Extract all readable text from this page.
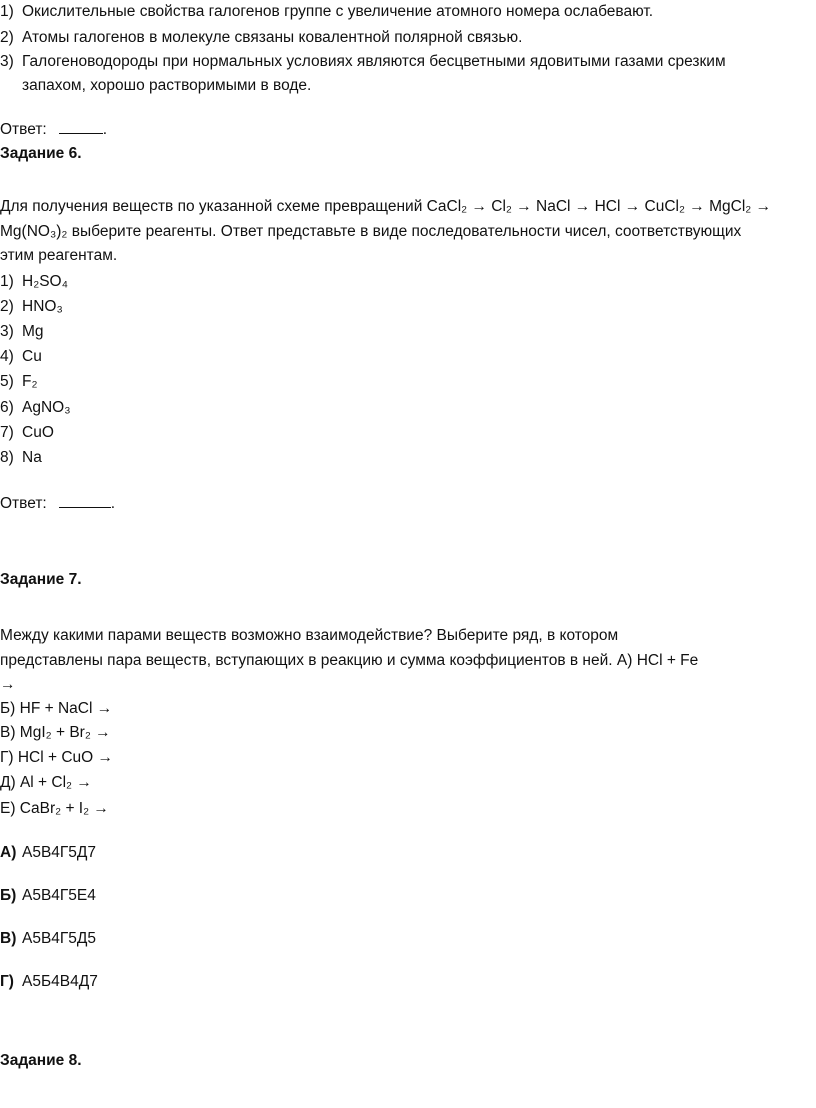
1) Окислительные свойства галогенов группе с увеличение атомного номера ослабевают.
2) Атомы галогенов в молекуле связаны ковалентной полярной связью.
3) Галогеноводороды при нормальных условиях являются бесцветными ядовитыми газами срезким
запахом, хорошо растворимыми в воде.
Ответ:	.
Задание 6.
Для получения веществ по указанной схеме превращений CaCl₂ → Cl₂ → NaCl → HCl → CuCl₂ → MgCl₂ →
Mg(NO₃)₂ выберите реагенты. Ответ представьте в виде последовательности чисел, соответствующих
этим реагентам.
1) H₂SO₄
2) HNO₃
3) Mg
4) Cu
5) F₂
6) AgNO₃
7) CuO
8) Na
Ответ:	.
Задание 7.
Между какими парами веществ возможно взаимодействие? Выберите ряд, в котором
представлены пара веществ, вступающих в реакцию и сумма коэффициентов в ней. А) HCl + Fe
→
Б) HF + NaCl →
В) MgI₂ + Br₂ →
Г) HCl + CuO →
Д) Al + Cl₂ →
Е) CaBr₂ + I₂ →
А) А5В4Г5Д7
Б) А5В4Г5Е4
В) А5В4Г5Д5
Г) А5Б4В4Д7
Задание 8.
